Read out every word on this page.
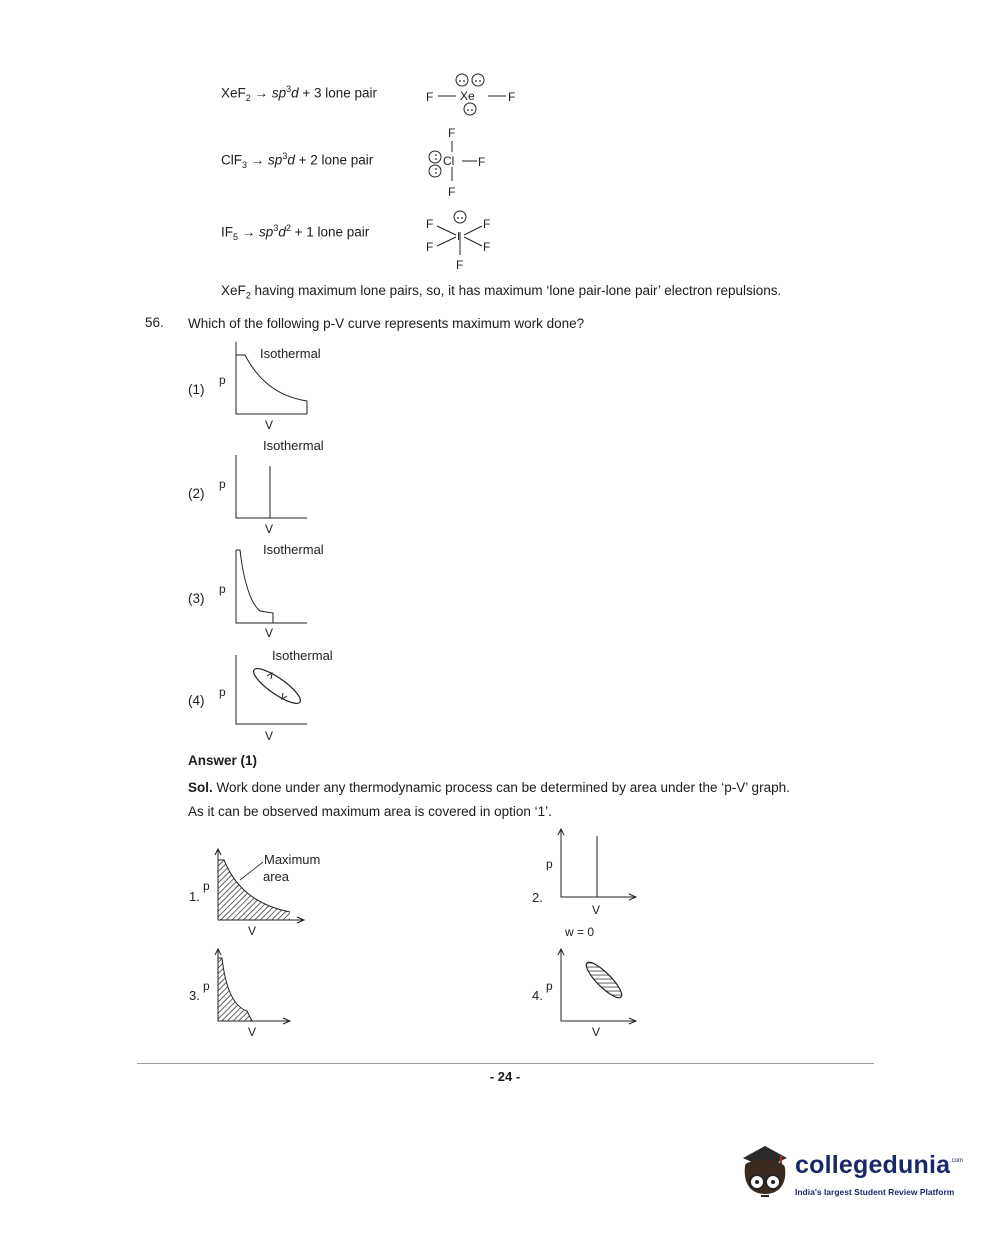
$XeF_2 \to sp^3d + 3$ lone pair
$ClF_3 \to sp^3d + 2$ lone pair
$IF_5 \to sp^3d^2 + 1$ lone pair
F Xe	F
F
Cl F
F
F
F
I
F
F
F
XeF$_2$ having maximum lone pairs, so, it has maximum ‘lone pair-lone pair’ electron repulsions.
56. Which of the following p-V curve represents maximum work done?
(1)
Isothermal
p
V
(2)
Isothermal
p
V
(3)
Isothermal
p
V
(4)
Isothermal
p
V
Answer (1)
Sol. Work done under any thermodynamic process can be determined by area under the ‘p-V’ graph.
As it can be observed maximum area is covered in option ‘1’.
Maximum
area
1.
p
V
p
2.
V
w = 0
3.
p
V
p
4.
V
- 24 -
collegedunia .com
India's largest Student Review Platform
